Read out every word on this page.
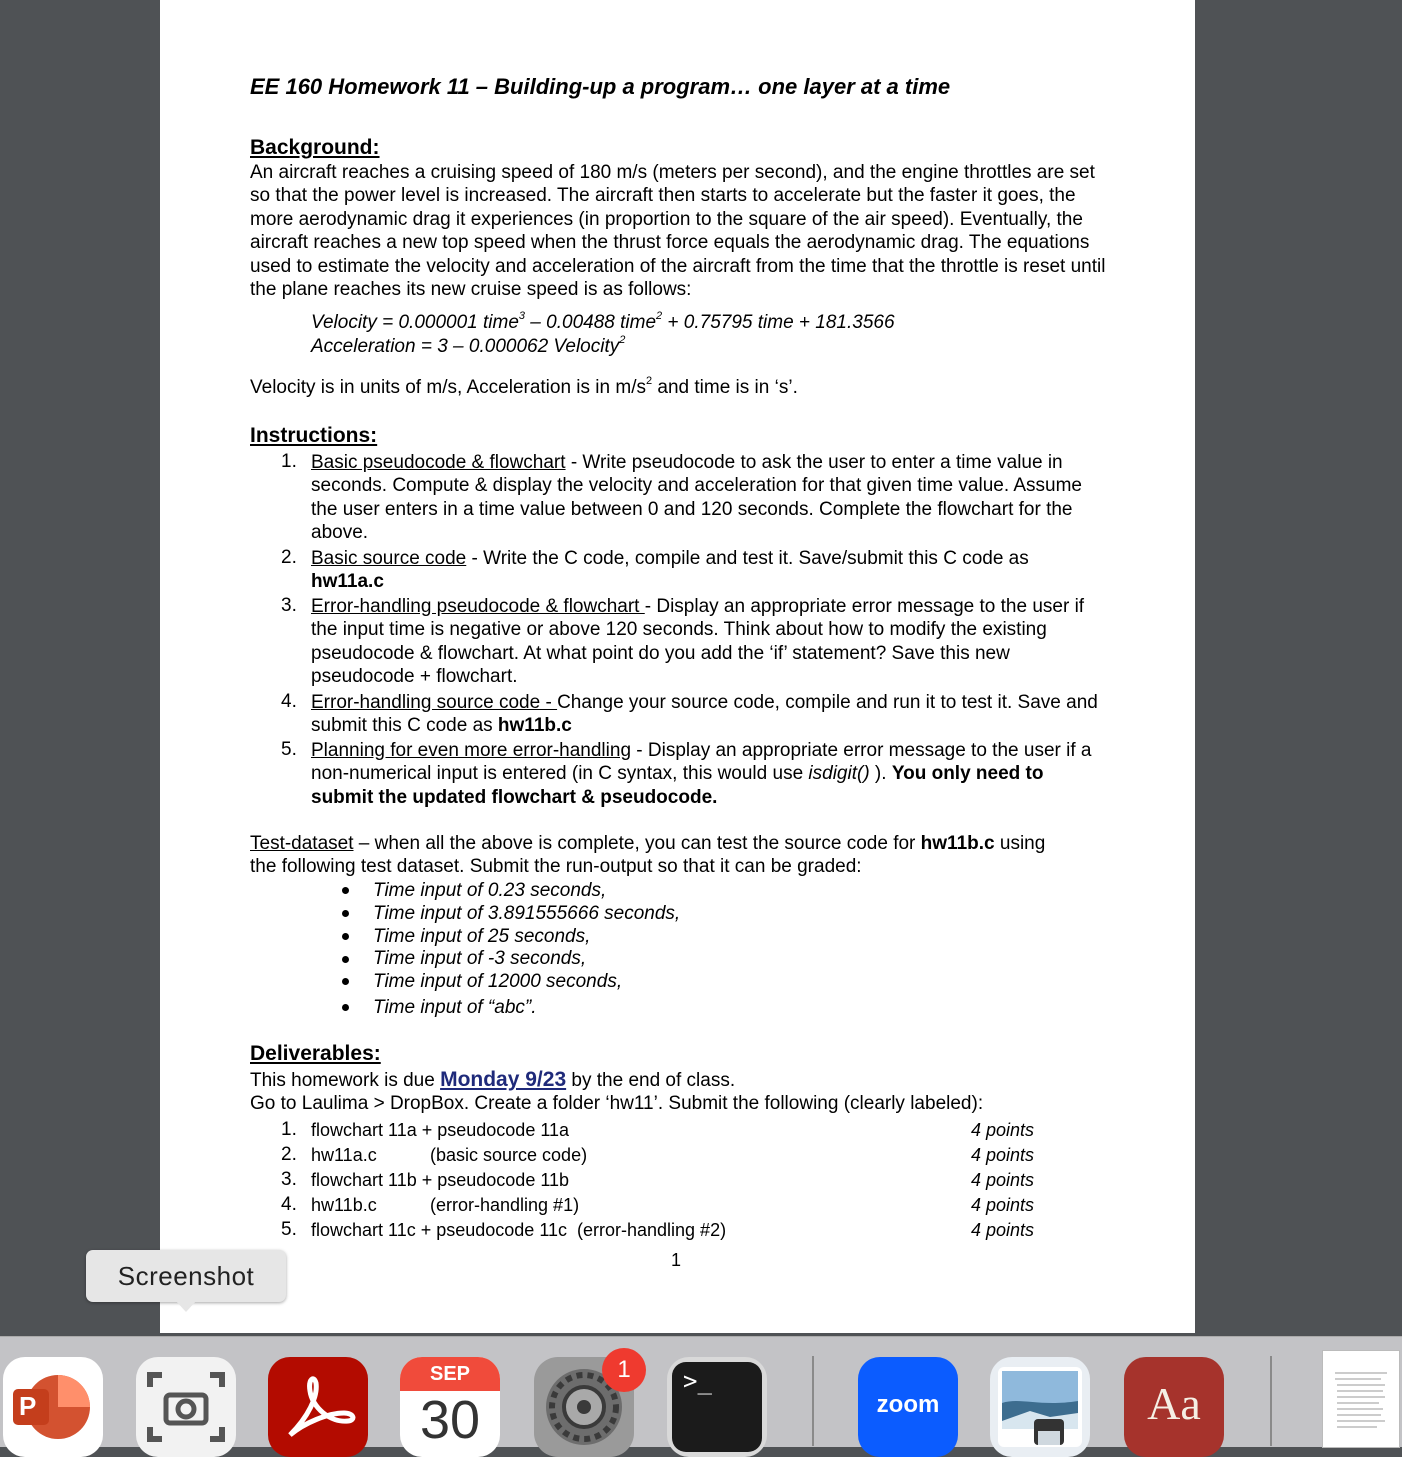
EE 160 Homework 11 – Building-up a program… one layer at a time
Background:
An aircraft reaches a cruising speed of 180 m/s (meters per second), and the engine throttles are set so that the power level is increased. The aircraft then starts to accelerate but the faster it goes, the more aerodynamic drag it experiences (in proportion to the square of the air speed). Eventually, the aircraft reaches a new top speed when the thrust force equals the aerodynamic drag. The equations used to estimate the velocity and acceleration of the aircraft from the time that the throttle is reset until the plane reaches its new cruise speed is as follows:
Velocity = 0.000001 time$^3$ – 0.00488 time$^2$ + 0.75795 time + 181.3566
Acceleration = 3 – 0.000062 Velocity$^2$
Velocity is in units of m/s, Acceleration is in $m/s^2$ and time is in ‘s’.
Instructions:
1. Basic pseudocode & flowchart - Write pseudocode to ask the user to enter a time value in seconds. Compute & display the velocity and acceleration for that given time value. Assume the user enters in a time value between 0 and 120 seconds. Complete the flowchart for the above.
2. Basic source code - Write the C code, compile and test it. Save/submit this C code as hw11a.c
3. Error-handling pseudocode & flowchart - Display an appropriate error message to the user if the input time is negative or above 120 seconds. Think about how to modify the existing pseudocode & flowchart. At what point do you add the ‘if’ statement? Save this new pseudocode + flowchart.
4. Error-handling source code - Change your source code, compile and run it to test it. Save and submit this C code as hw11b.c
5. Planning for even more error-handling - Display an appropriate error message to the user if a non-numerical input is entered (in C syntax, this would use isdigit() ). You only need to submit the updated flowchart & pseudocode.
Test-dataset – when all the above is complete, you can test the source code for hw11b.c using
the following test dataset. Submit the run-output so that it can be graded:
Time input of 0.23 seconds,
Time input of 3.891555666 seconds,
Time input of 25 seconds,
Time input of -3 seconds,
Time input of 12000 seconds,
Time input of “abc”.
Deliverables:
This homework is due Monday 9/23 by the end of class.
Go to Laulima > DropBox. Create a folder ‘hw11’. Submit the following (clearly labeled):
1. flowchart 11a + pseudocode 11a	4 points
2. hw11a.c	(basic source code)	4 points
3. flowchart 11b + pseudocode 11b	4 points
4. hw11b.c	(error-handling #1)	4 points
5. flowchart 11c + pseudocode 11c  (error-handling #2)	4 points
1
Screenshot
P
SEP
30
1	>_
zoom	Aa
